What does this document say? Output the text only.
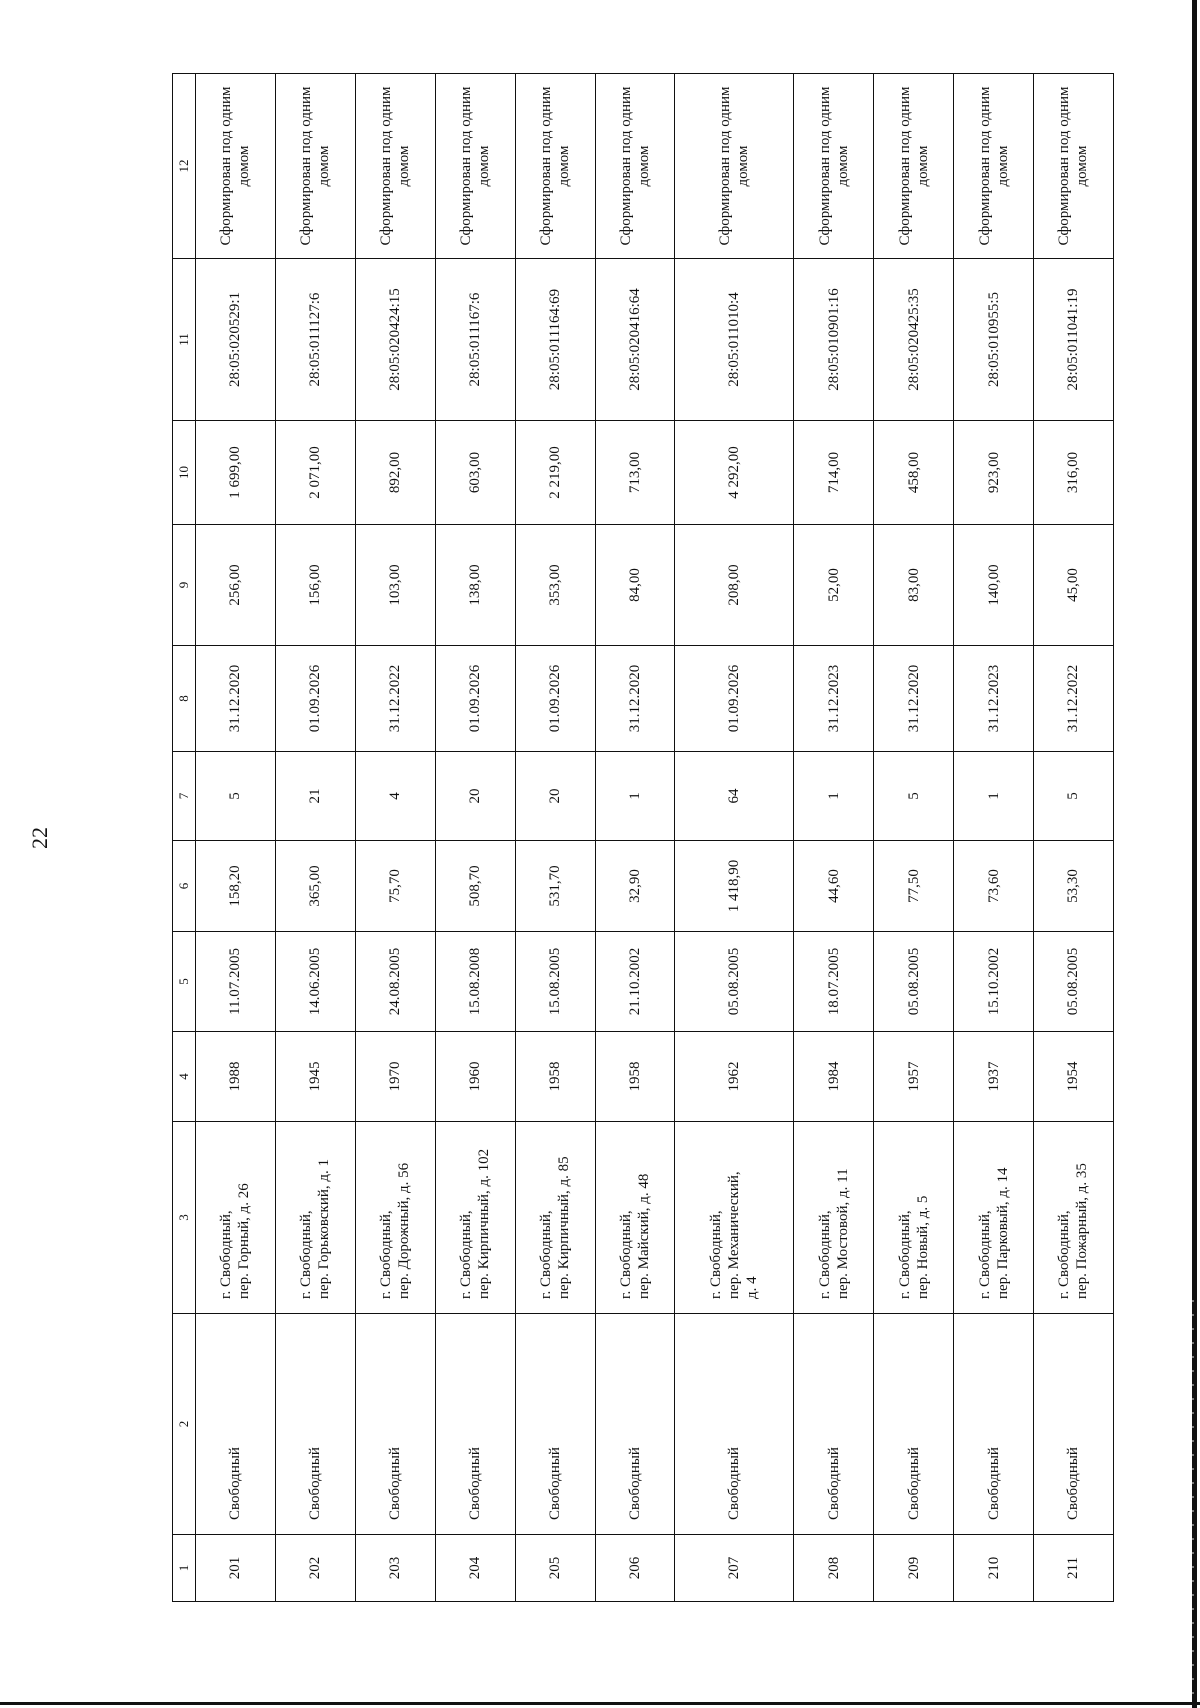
22
1	2	3	4	5	6	7	8	9	10	11	12
201	Свободный	г. Свободный, пер. Горный, д. 26	1988	11.07.2005	158,20	5	31.12.2020	256,00	1 699,00	28:05:020529:1	Сформирован под одним домом
202	Свободный	г. Свободный, пер. Горьковский, д. 1	1945	14.06.2005	365,00	21	01.09.2026	156,00	2 071,00	28:05:011127:6	Сформирован под одним домом
203	Свободный	г. Свободный, пер. Дорожный, д. 56	1970	24.08.2005	75,70	4	31.12.2022	103,00	892,00	28:05:020424:15	Сформирован под одним домом
204	Свободный	г. Свободный, пер. Кирпичный, д. 102	1960	15.08.2008	508,70	20	01.09.2026	138,00	603,00	28:05:011167:6	Сформирован под одним домом
205	Свободный	г. Свободный, пер. Кирпичный, д. 85	1958	15.08.2005	531,70	20	01.09.2026	353,00	2 219,00	28:05:011164:69	Сформирован под одним домом
206	Свободный	г. Свободный, пер. Майский, д. 48	1958	21.10.2002	32,90	1	31.12.2020	84,00	713,00	28:05:020416:64	Сформирован под одним домом
207	Свободный	г. Свободный, пер. Механический, д. 4	1962	05.08.2005	1 418,90	64	01.09.2026	208,00	4 292,00	28:05:011010:4	Сформирован под одним домом
208	Свободный	г. Свободный, пер. Мостовой, д. 11	1984	18.07.2005	44,60	1	31.12.2023	52,00	714,00	28:05:010901:16	Сформирован под одним домом
209	Свободный	г. Свободный, пер. Новый, д. 5	1957	05.08.2005	77,50	5	31.12.2020	83,00	458,00	28:05:020425:35	Сформирован под одним домом
210	Свободный	г. Свободный, пер. Парковый, д. 14	1937	15.10.2002	73,60	1	31.12.2023	140,00	923,00	28:05:010955:5	Сформирован под одним домом
211	Свободный	г. Свободный, пер. Пожарный, д. 35	1954	05.08.2005	53,30	5	31.12.2022	45,00	316,00	28:05:011041:19	Сформирован под одним домом
